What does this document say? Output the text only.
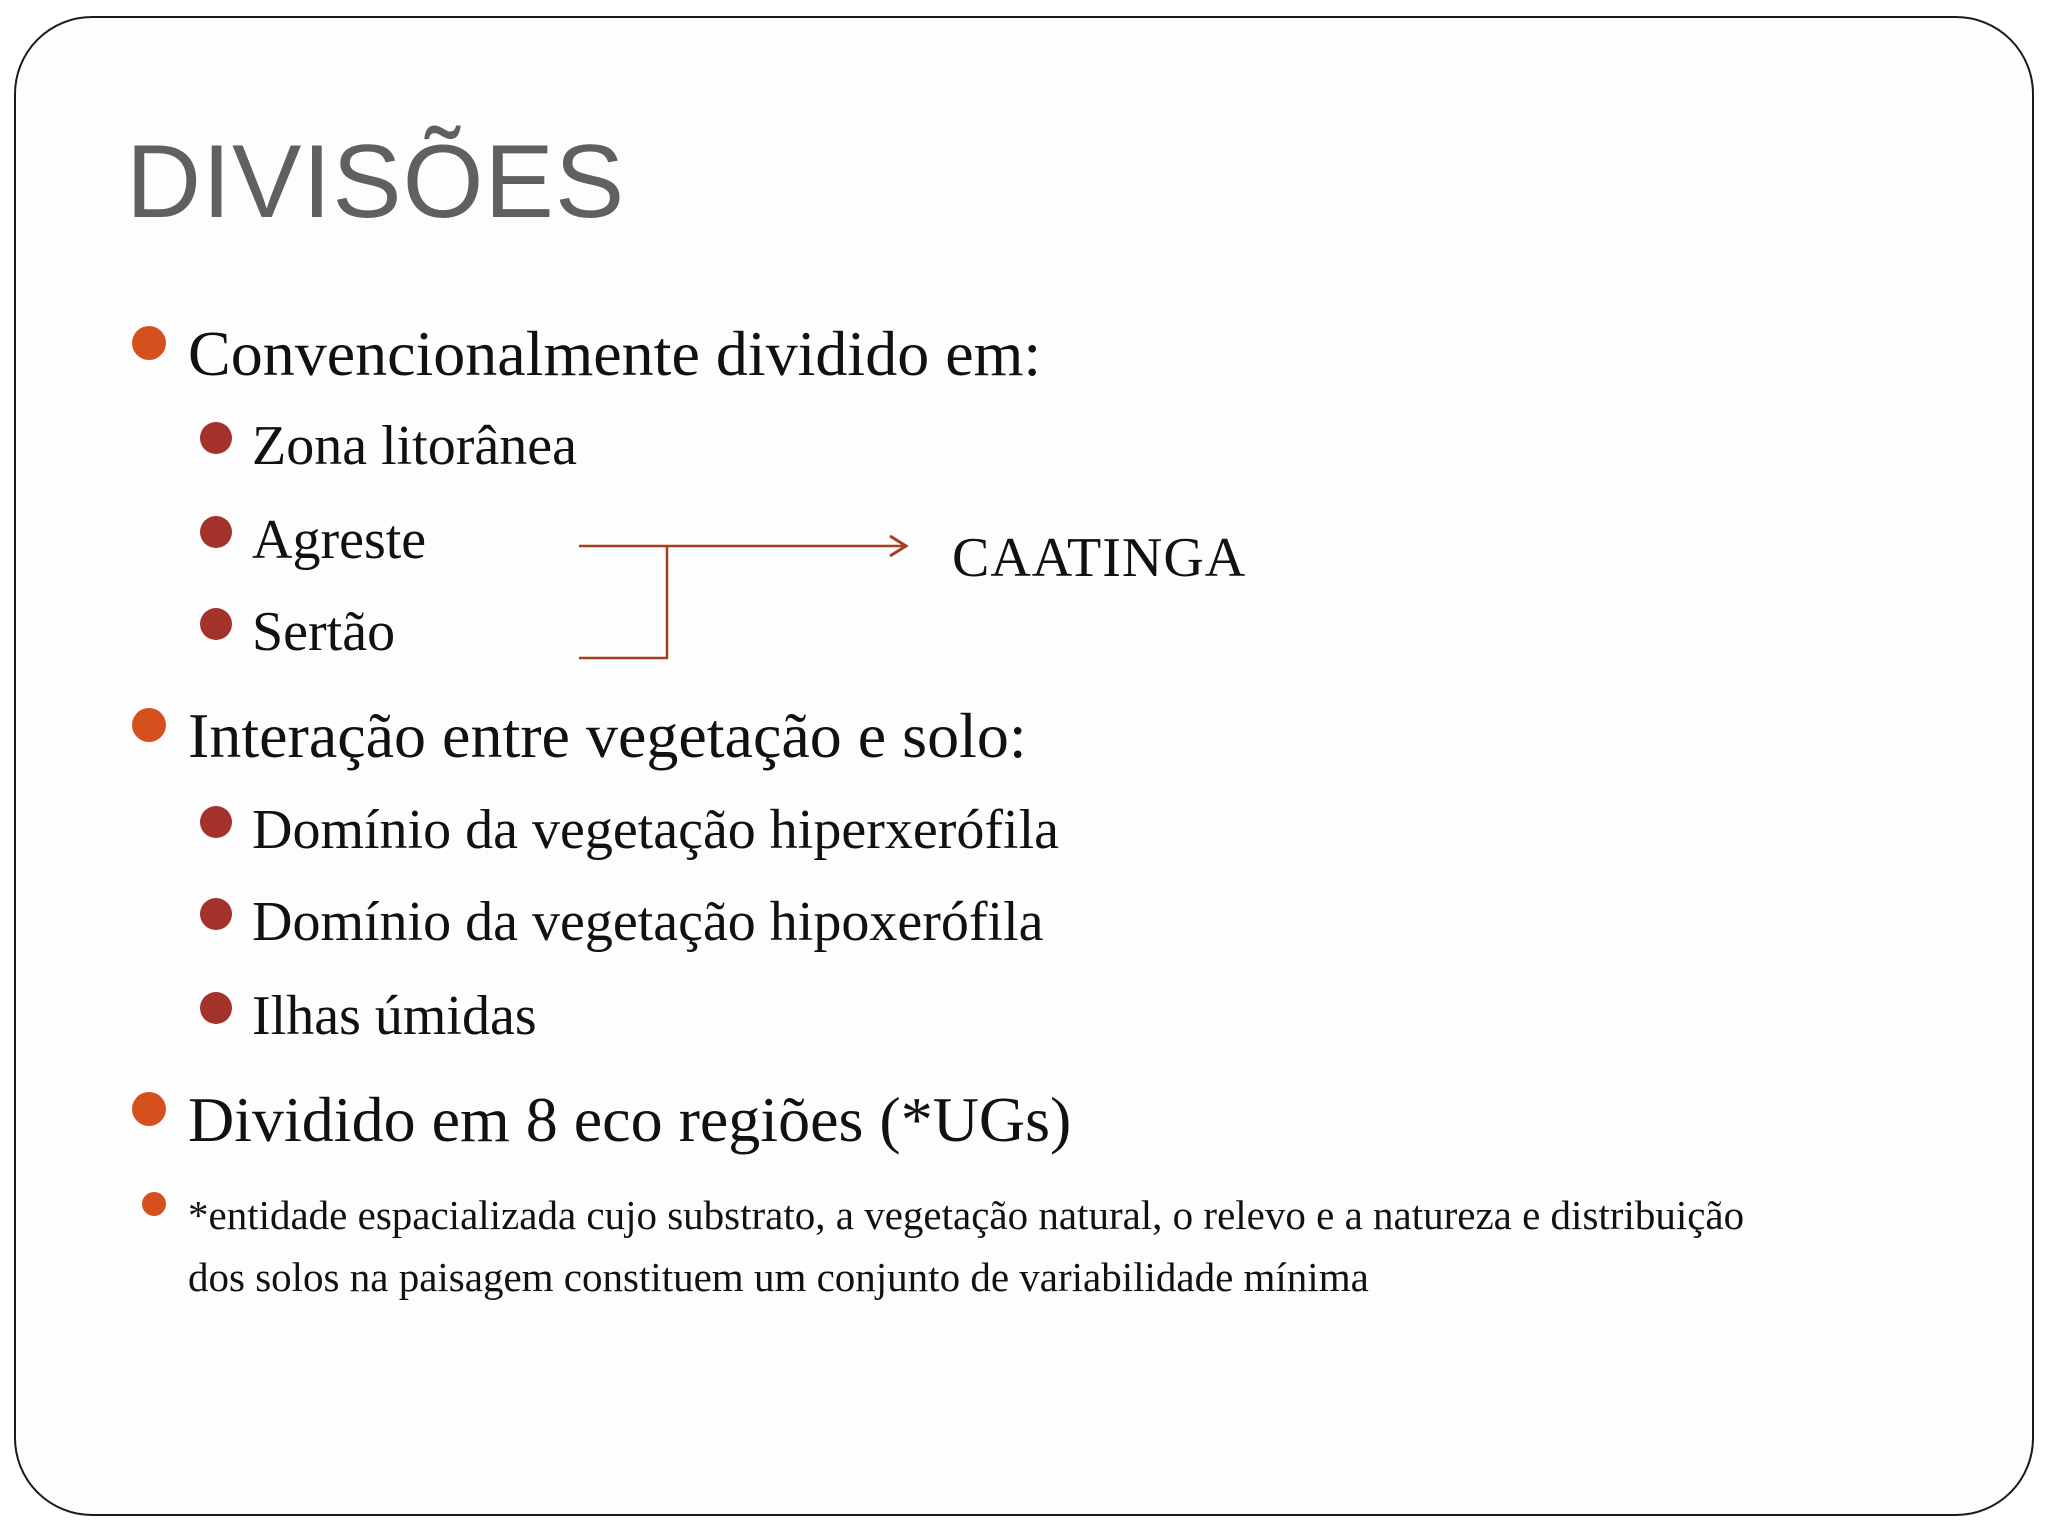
DIVISÕES
Convencionalmente dividido em:
Zona litorânea
Agreste
Sertão
CAATINGA
Interação entre vegetação e solo:
Domínio da vegetação hiperxerófila
Domínio da vegetação hipoxerófila
Ilhas úmidas
Dividido em 8 eco regiões (*UGs)
*entidade espacializada cujo substrato, a vegetação natural, o relevo e a natureza e distribuição dos solos na paisagem constituem um conjunto de variabilidade mínima
